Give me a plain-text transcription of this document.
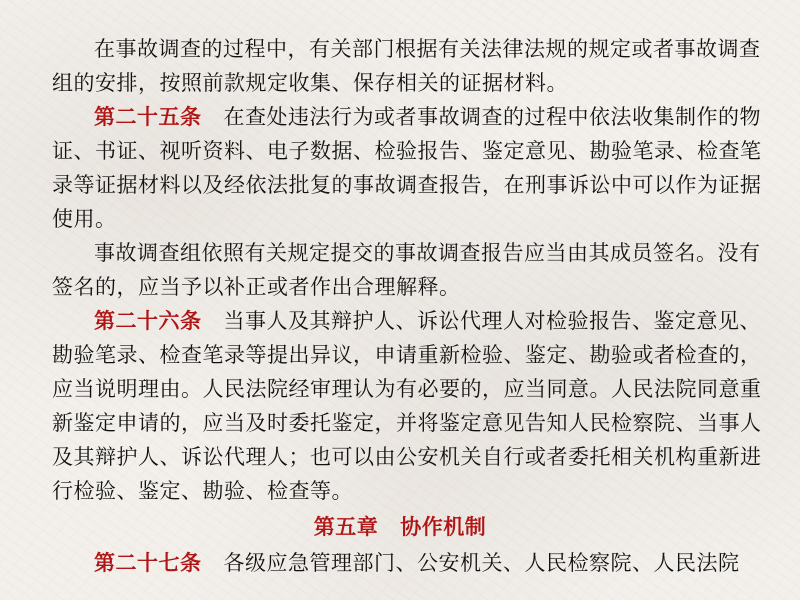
在事故调查的过程中，有关部门根据有关法律法规的规定或者事故调查组的安排，按照前款规定收集、保存相关的证据材料。

第二十五条 在查处违法行为或者事故调查的过程中依法收集制作的物证、书证、视听资料、电子数据、检验报告、鉴定意见、勘验笔录、检查笔录等证据材料以及经依法批复的事故调查报告，在刑事诉讼中可以作为证据使用。

事故调查组依照有关规定提交的事故调查报告应当由其成员签名。没有签名的，应当予以补正或者作出合理解释。

第二十六条 当事人及其辩护人、诉讼代理人对检验报告、鉴定意见、勘验笔录、检查笔录等提出异议，申请重新检验、鉴定、勘验或者检查的，应当说明理由。人民法院经审理认为有必要的，应当同意。人民法院同意重新鉴定申请的，应当及时委托鉴定，并将鉴定意见告知人民检察院、当事人及其辩护人、诉讼代理人；也可以由公安机关自行或者委托相关机构重新进行检验、鉴定、勘验、检查等。

第五章 协作机制

第二十七条 各级应急管理部门、公安机关、人民检察院、人民法院
